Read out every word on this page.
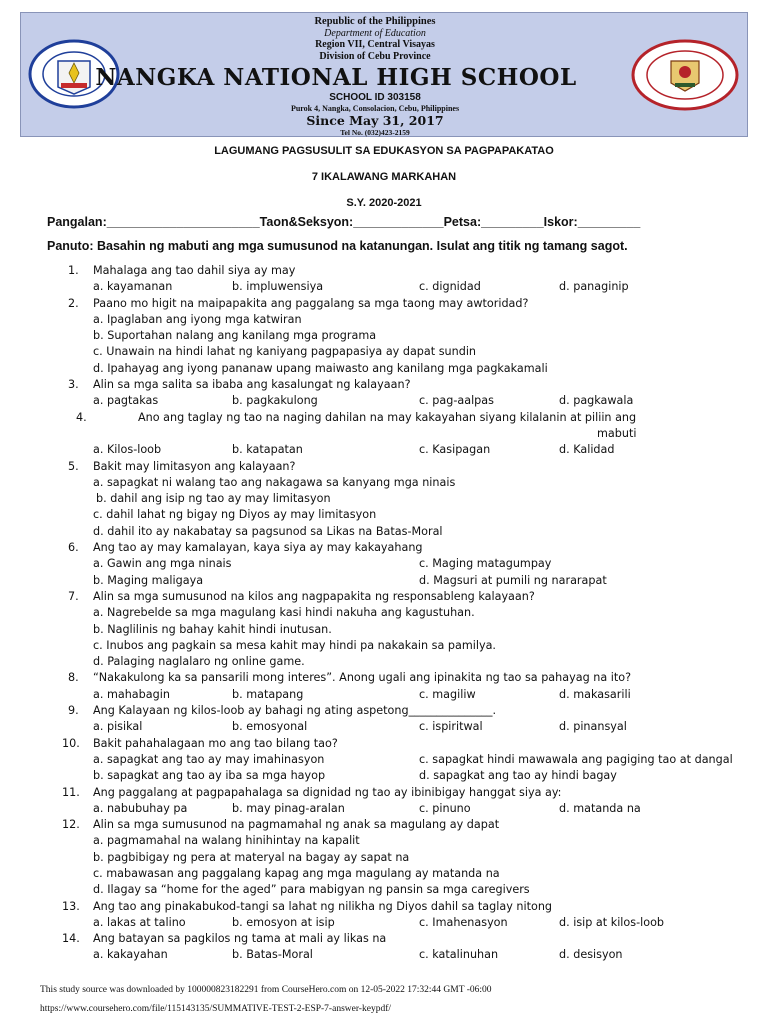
Republic of the Philippines
Department of Education
Region VII, Central Visayas
Division of Cebu Province
NANGKA NATIONAL HIGH SCHOOL
SCHOOL ID 303158
Purok 4, Nangka, Consolacion, Cebu, Philippines
Since May 31, 2017
Tel No. (032)423-2159
LAGUMANG PAGSUSULIT SA EDUKASYON SA PAGPAPAKATAO
7 IKALAWANG MARKAHAN
S.Y. 2020-2021
Pangalan:______________________Taon&Seksyon:_____________Petsa:_________Iskor:_________
Panuto: Basahin ng mabuti ang mga sumusunod na katanungan. Isulat ang titik ng tamang sagot.
1. Mahalaga ang tao dahil siya ay may
a. kayamanan	b. impluwensiya	c. dignidad	d. panaginip
2. Paano mo higit na maipapakita ang paggalang sa mga taong may awtoridad?
a. Ipaglaban ang iyong mga katwiran
b. Suportahan nalang ang kanilang mga programa
c. Unawain na hindi lahat ng kaniyang pagpapasiya ay dapat sundin
d. Ipahayag ang iyong pananaw upang maiwasto ang kanilang mga pagkakamali
3. Alin sa mga salita sa ibaba ang kasalungat ng kalayaan?
a. pagtakas	b. pagkakulong	c. pag-aalpas	d. pagkawala
4.	Ano ang taglay ng tao na naging dahilan na may kakayahan siyang kilalanin at piliin ang
mabuti
a. Kilos-loob	b. katapatan	c. Kasipagan	d. Kalidad
5. Bakit may limitasyon ang kalayaan?
a. sapagkat ni walang tao ang nakagawa sa kanyang mga ninais
b. dahil ang isip ng tao ay may limitasyon
c. dahil lahat ng bigay ng Diyos ay may limitasyon
d. dahil ito ay nakabatay sa pagsunod sa Likas na Batas-Moral
6. Ang tao ay may kamalayan, kaya siya ay may kakayahang
a. Gawin ang mga ninais	c. Maging matagumpay
b. Maging maligaya	d. Magsuri at pumili ng nararapat
7. Alin sa mga sumusunod na kilos ang nagpapakita ng responsableng kalayaan?
a. Nagrebelde sa mga magulang kasi hindi nakuha ang kagustuhan.
b. Naglilinis ng bahay kahit hindi inutusan.
c. Inubos ang pagkain sa mesa kahit may hindi pa nakakain sa pamilya.
d. Palaging naglalaro ng online game.
8. “Nakakulong ka sa pansarili mong interes”. Anong ugali ang ipinakita ng tao sa pahayag na ito?
a. mahabagin	b. matapang	c. magiliw	d. makasarili
9. Ang Kalayaan ng kilos-loob ay bahagi ng ating aspetong_______________.
a. pisikal	b. emosyonal	c. ispiritwal	d. pinansyal
10. Bakit pahahalagaan mo ang tao bilang tao?
a. sapagkat ang tao ay may imahinasyon	c. sapagkat hindi mawawala ang pagiging tao at dangal
b. sapagkat ang tao ay iba sa mga hayop	d. sapagkat ang tao ay hindi bagay
11. Ang paggalang at pagpapahalaga sa dignidad ng tao ay ibinibigay hanggat siya ay:
a. nabubuhay pa	b. may pinag-aralan	c. pinuno	d. matanda na
12. Alin sa mga sumusunod na pagmamahal ng anak sa magulang ay dapat
a. pagmamahal na walang hinihintay na kapalit
b. pagbibigay ng pera at materyal na bagay ay sapat na
c. mabawasan ang paggalang kapag ang mga magulang ay matanda na
d. Ilagay sa “home for the aged” para mabigyan ng pansin sa mga caregivers
13. Ang tao ang pinakabukod-tangi sa lahat ng nilikha ng Diyos dahil sa taglay nitong
a. lakas at talino	b. emosyon at isip	c. Imahenasyon	d. isip at kilos-loob
14. Ang batayan sa pagkilos ng tama at mali ay likas na
a. kakayahan	b. Batas-Moral	c. katalinuhan	d. desisyon
This study source was downloaded by 100000823182291 from CourseHero.com on 12-05-2022 17:32:44 GMT -06:00
https://www.coursehero.com/file/115143135/SUMMATIVE-TEST-2-ESP-7-answer-keypdf/
